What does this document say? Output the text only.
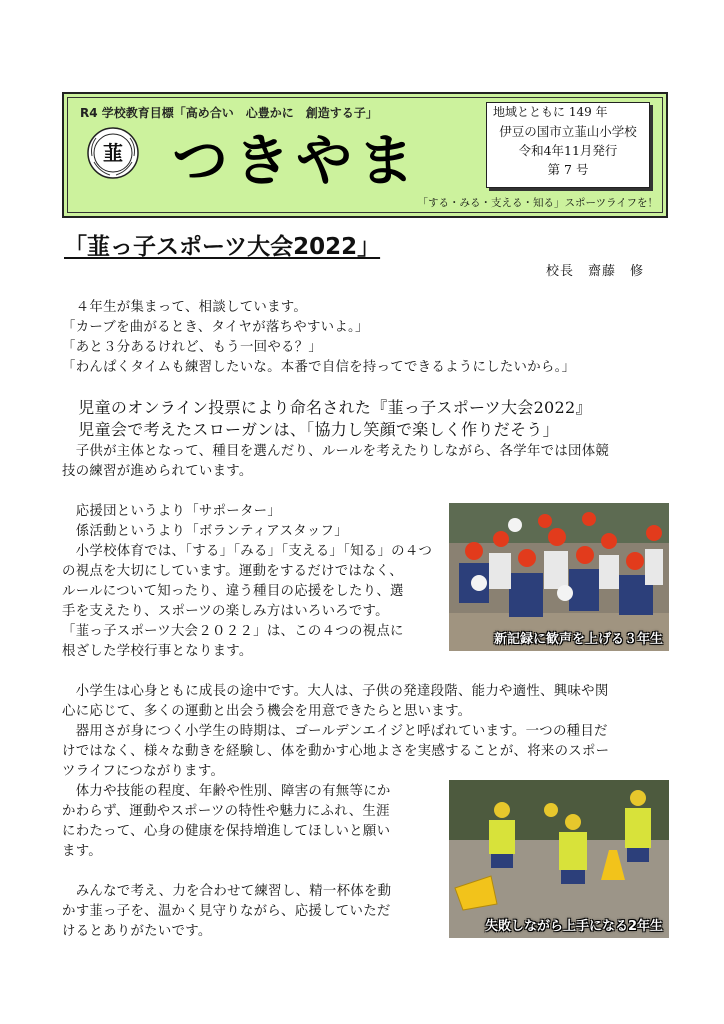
R4 学校教育目標「高め合い　心豊かに　創造する子」
韮 つきやま
地域とともに 149 年
伊豆の国市立韮山小学校
令和4年11月発行
第 7 号
「する・みる・支える・知る」スポーツライフを！
「韮っ子スポーツ大会2022」
校長　齋藤　修
　４年生が集まって、相談しています。
「カーブを曲がるとき、タイヤが落ちやすいよ。」
「あと３分あるけれど、もう一回やる？」
「わんぱくタイムも練習したいな。本番で自信を持ってできるようにしたいから。」
　児童のオンライン投票により命名された『韮っ子スポーツ大会2022』
　児童会で考えたスローガンは、「協力し笑顔で楽しく作りだそう」
　子供が主体となって、種目を選んだり、ルールを考えたりしながら、各学年では団体競
技の練習が進められています。
　応援団というより「サポーター」
　係活動というより「ボランティアスタッフ」
　小学校体育では、「する」「みる」「支える」「知る」の４つ
の視点を大切にしています。運動をするだけではなく、
ルールについて知ったり、違う種目の応援をしたり、選
手を支えたり、スポーツの楽しみ方はいろいろです。
「韮っ子スポーツ大会２０２２」は、この４つの視点に
根ざした学校行事となります。
　小学生は心身ともに成長の途中です。大人は、子供の発達段階、能力や適性、興味や関
心に応じて、多くの運動と出会う機会を用意できたらと思います。
　器用さが身につく小学生の時期は、ゴールデンエイジと呼ばれています。一つの種目だ
けではなく、様々な動きを経験し、体を動かす心地よさを実感することが、将来のスポー
ツライフにつながります。
　体力や技能の程度、年齢や性別、障害の有無等にか
かわらず、運動やスポーツの特性や魅力にふれ、生涯
にわたって、心身の健康を保持増進してほしいと願い
ます。
　みんなで考え、力を合わせて練習し、精一杯体を動
かす韮っ子を、温かく見守りながら、応援していただ
けるとありがたいです。
新記録に歓声を上げる３年生
失敗しながら上手になる2年生
